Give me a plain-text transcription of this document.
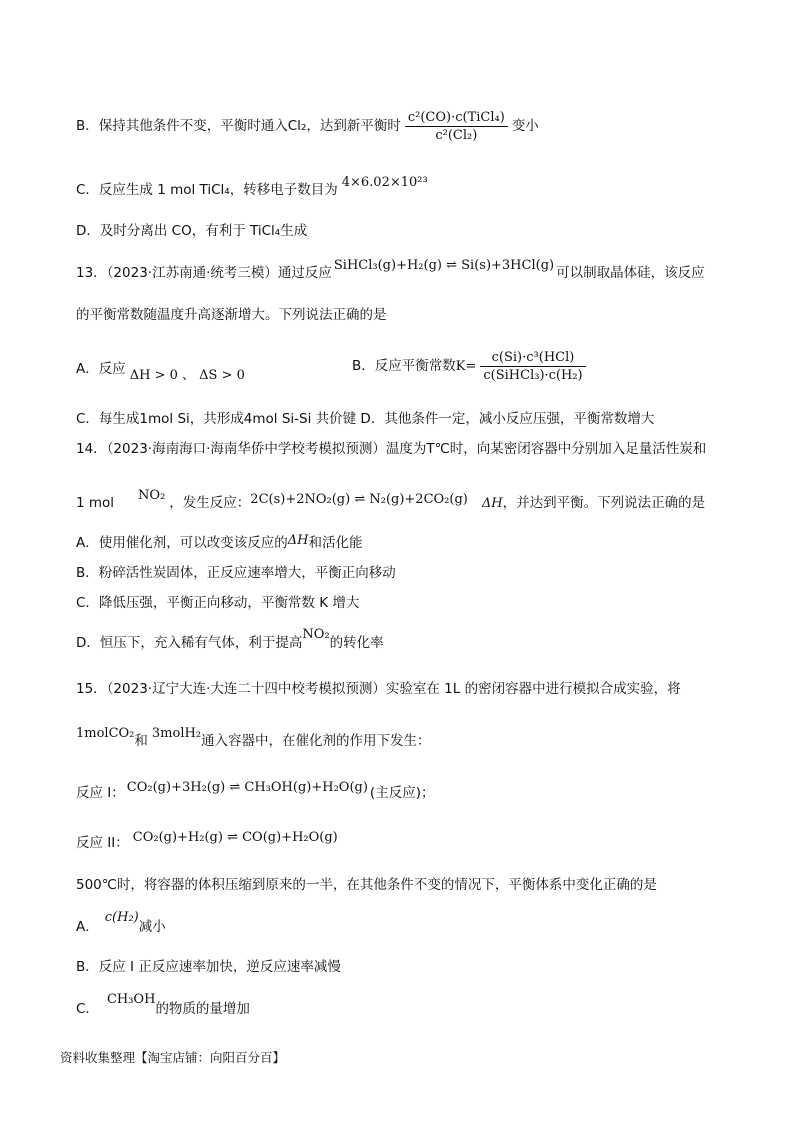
B．保持其他条件不变，平衡时通入Cl₂，达到新平衡时 $\frac{\text{c²(CO)·c(TiCl₄)}}{\text{c²(Cl₂)}}$ 变小
C．反应生成 1 mol TiCl₄，转移电子数目为 4×6.02×10²³
D．及时分离出 CO，有利于 TiCl₄生成
13．（2023·江苏南通·统考三模）通过反应 SiHCl₃(g)+H₂(g) ⇌ Si(s)+3HCl(g) 可以制取晶体硅，该反应
的平衡常数随温度升高逐渐增大。下列说法正确的是
A．反应 ΔH > 0 、 ΔS > 0
B．反应平衡常数$K= \frac{\text{c(Si)·c³(HCl)}}{\text{c(SiHCl₃)·c(H₂)}}$
C．每生成1mol Si，共形成4mol Si-Si 共价键 D．其他条件一定，减小反应压强，平衡常数增大
14．（2023·海南海口·海南华侨中学校考模拟预测）温度为T℃时，向某密闭容器中分别加入足量活性炭和
1 mol NO₂ ，发生反应：2C(s)+2NO₂(g) ⇌ N₂(g)+2CO₂(g) ΔH，并达到平衡。下列说法正确的是
A．使用催化剂，可以改变该反应的ΔH和活化能
B．粉碎活性炭固体，正反应速率增大，平衡正向移动
C．降低压强，平衡正向移动，平衡常数 K 增大
D．恒压下，充入稀有气体，利于提高NO₂的转化率
15．（2023·辽宁大连·大连二十四中校考模拟预测）实验室在 1L 的密闭容器中进行模拟合成实验，将
1molCO₂和 3molH₂通入容器中，在催化剂的作用下发生：
反应 I： CO₂(g)+3H₂(g) ⇌ CH₃OH(g)+H₂O(g) (主反应)；
反应 II： CO₂(g)+H₂(g) ⇌ CO(g)+H₂O(g)
500℃时，将容器的体积压缩到原来的一半，在其他条件不变的情况下，平衡体系中变化正确的是
A．c(H₂)减小
B．反应 I 正反应速率加快，逆反应速率减慢
C．CH₃OH的物质的量增加
资料收集整理【淘宝店铺：向阳百分百】
